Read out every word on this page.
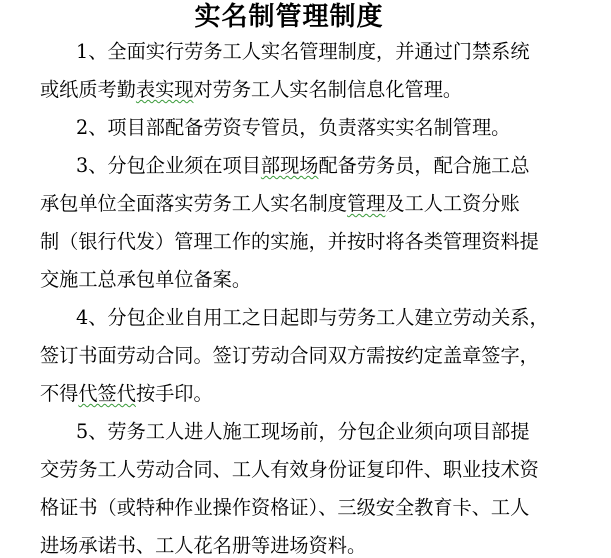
实名制管理制度
1、全面实行劳务工人实名管理制度，并通过门禁系统
或纸质考勤表实现对劳务工人实名制信息化管理。
2、项目部配备劳资专管员，负责落实实名制管理。
3、分包企业须在项目部现场配备劳务员，配合施工总
承包单位全面落实劳务工人实名制度管理及工人工资分账
制（银行代发）管理工作的实施，并按时将各类管理资料提
交施工总承包单位备案。
4、分包企业自用工之日起即与劳务工人建立劳动关系，
签订书面劳动合同。签订劳动合同双方需按约定盖章签字，
不得代签代按手印。
5、劳务工人进人施工现场前，分包企业须向项目部提
交劳务工人劳动合同、工人有效身份证复印件、职业技术资
格证书（或特种作业操作资格证）、三级安全教育卡、工人
进场承诺书、工人花名册等进场资料。
